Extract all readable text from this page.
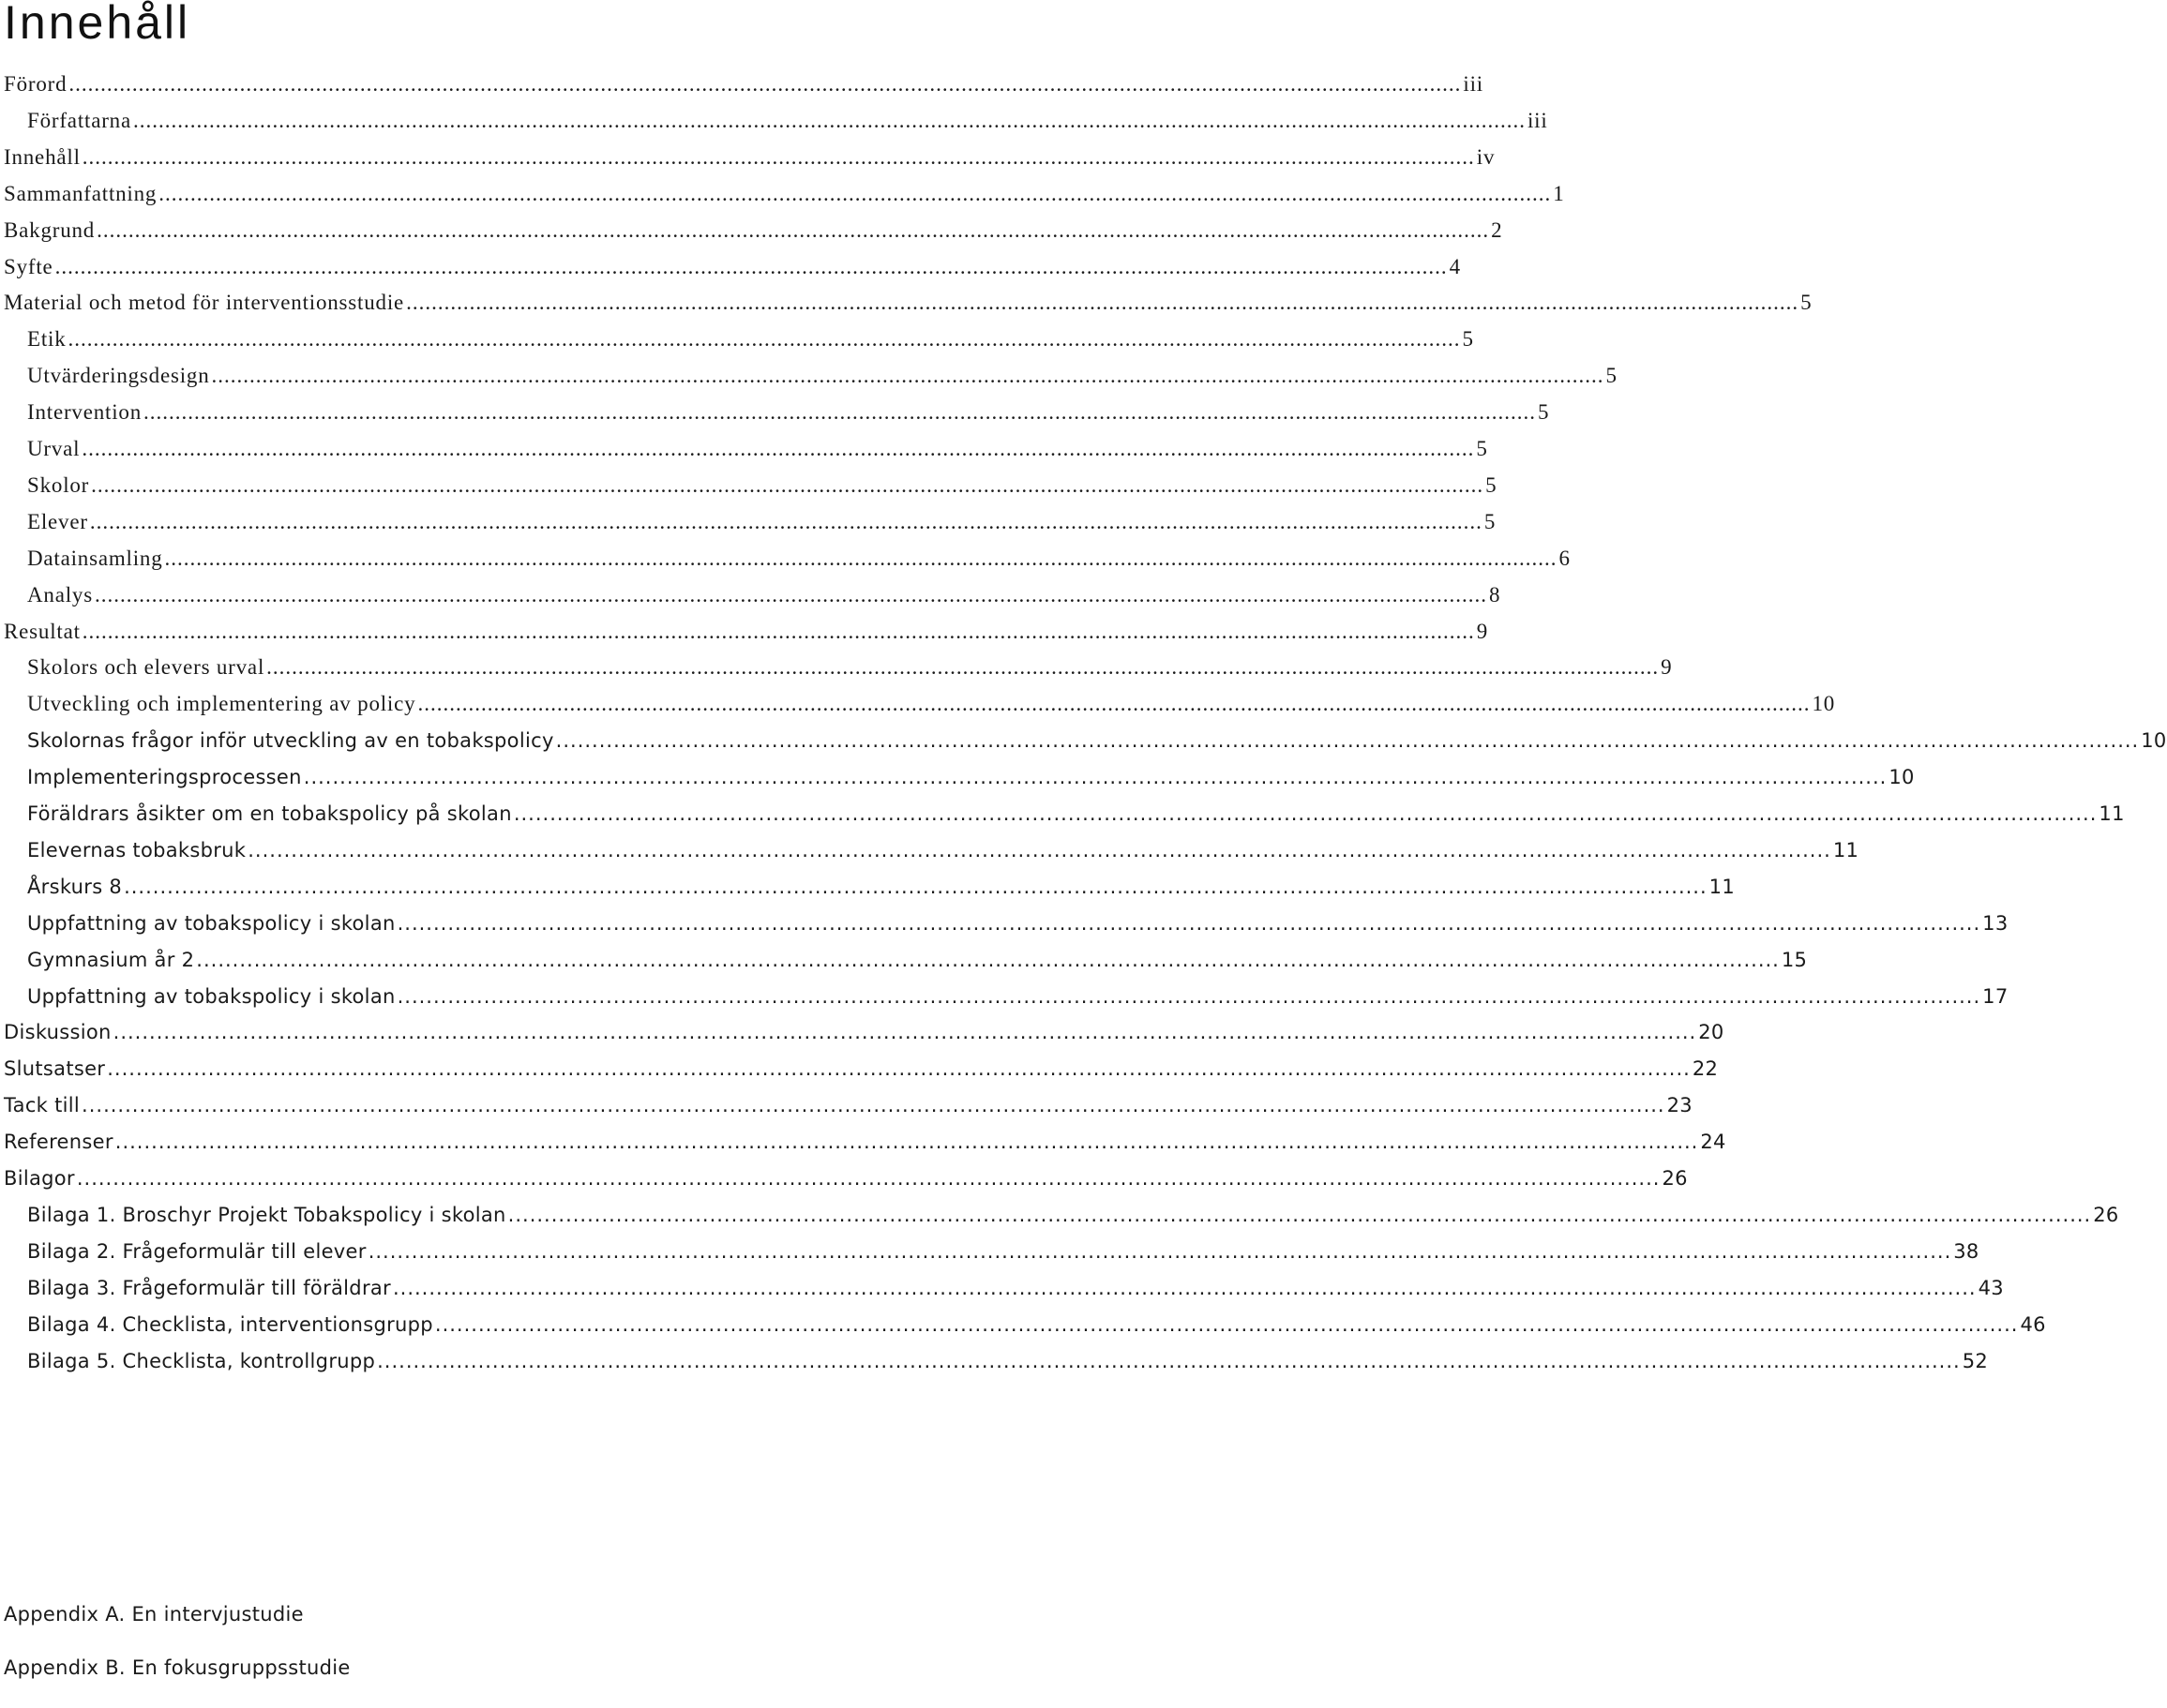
Innehåll
Förord ............................................................................................................................................................................................................................ iii
Författarna ............................................................................................................................................................................................................................ iii
Innehåll ............................................................................................................................................................................................................................ iv
Sammanfattning ............................................................................................................................................................................................................................ 1
Bakgrund ............................................................................................................................................................................................................................ 2
Syfte ............................................................................................................................................................................................................................ 4
Material och metod för interventionsstudie ............................................................................................................................................................................................................................ 5
Etik ............................................................................................................................................................................................................................ 5
Utvärderingsdesign ............................................................................................................................................................................................................................ 5
Intervention ............................................................................................................................................................................................................................ 5
Urval ............................................................................................................................................................................................................................ 5
Skolor ............................................................................................................................................................................................................................ 5
Elever ............................................................................................................................................................................................................................ 5
Datainsamling ............................................................................................................................................................................................................................ 6
Analys ............................................................................................................................................................................................................................ 8
Resultat ............................................................................................................................................................................................................................ 9
Skolors och elevers urval ............................................................................................................................................................................................................................ 9
Utveckling och implementering av policy ............................................................................................................................................................................................................................ 10
Skolornas frågor inför utveckling av en tobakspolicy ............................................................................................................................................................................................................................ 10
Implementeringsprocessen ............................................................................................................................................................................................................................ 10
Föräldrars åsikter om en tobakspolicy på skolan ............................................................................................................................................................................................................................ 11
Elevernas tobaksbruk ............................................................................................................................................................................................................................ 11
Årskurs 8 ............................................................................................................................................................................................................................ 11
Uppfattning av tobakspolicy i skolan ............................................................................................................................................................................................................................ 13
Gymnasium år 2 ............................................................................................................................................................................................................................ 15
Uppfattning av tobakspolicy i skolan ............................................................................................................................................................................................................................ 17
Diskussion ............................................................................................................................................................................................................................ 20
Slutsatser ............................................................................................................................................................................................................................ 22
Tack till ............................................................................................................................................................................................................................ 23
Referenser ............................................................................................................................................................................................................................ 24
Bilagor ............................................................................................................................................................................................................................ 26
Bilaga 1. Broschyr Projekt Tobakspolicy i skolan ............................................................................................................................................................................................................................ 26
Bilaga 2. Frågeformulär till elever ............................................................................................................................................................................................................................ 38
Bilaga 3. Frågeformulär till föräldrar ............................................................................................................................................................................................................................ 43
Bilaga 4. Checklista, interventionsgrupp ............................................................................................................................................................................................................................ 46
Bilaga 5. Checklista, kontrollgrupp ............................................................................................................................................................................................................................ 52
Appendix A. En intervjustudie
Appendix B. En fokusgruppsstudie
